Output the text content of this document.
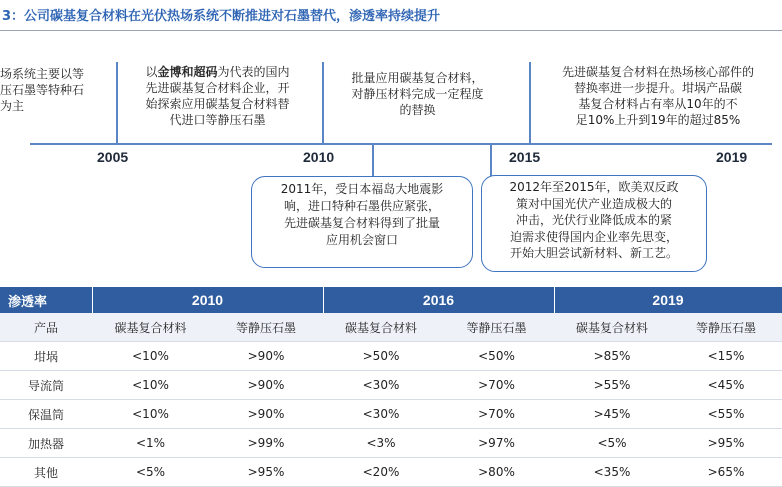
3：公司碳基复合材料在光伏热场系统不断推进对石墨替代，渗透率持续提升
场系统主要以等
压石墨等特种石
为主
以金博和超码为代表的国内
先进碳基复合材料企业，开
始探索应用碳基复合材料替
代进口等静压石墨
批量应用碳基复合材料，
对静压材料完成一定程度
的替换
先进碳基复合材料在热场核心部件的
替换率进一步提升。坩埚产品碳
基复合材料占有率从10年的不
足10%上升到19年的超过85%
2005	2010	2015	2019
2011年，受日本福岛大地震影
响，进口特种石墨供应紧张，
先进碳基复合材料得到了批量
应用机会窗口
2012年至2015年，欧美双反政
策对中国光伏产业造成极大的
冲击，光伏行业降低成本的紧
迫需求使得国内企业率先思变，
开始大胆尝试新材料、新工艺。
渗透率	2010		2016		2019	
产品	碳基复合材料	等静压石墨	碳基复合材料	等静压石墨	碳基复合材料	等静压石墨
坩埚	<10%	>90%	>50%	<50%	>85%	<15%
导流筒	<10%	>90%	<30%	>70%	>55%	<45%
保温筒	<10%	>90%	<30%	>70%	>45%	<55%
加热器	<1%	>99%	<3%	>97%	<5%	>95%
其他	<5%	>95%	<20%	>80%	<35%	>65%
